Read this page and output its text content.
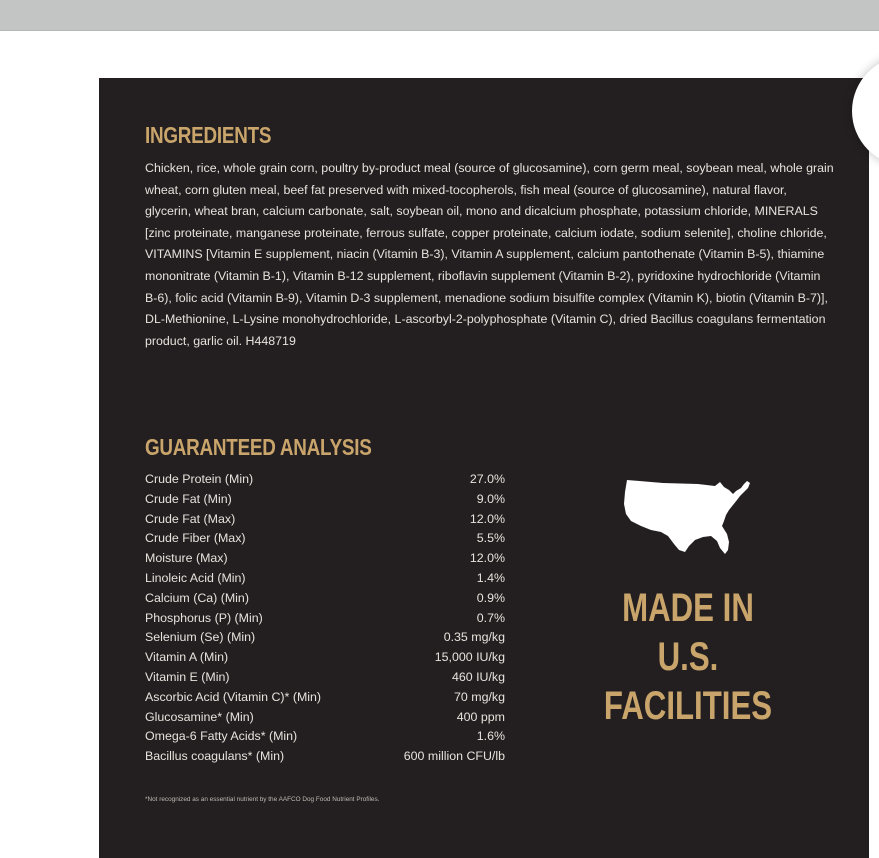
INGREDIENTS

Chicken, rice, whole grain corn, poultry by-product meal (source of glucosamine), corn germ meal, soybean meal, whole grain wheat, corn gluten meal, beef fat preserved with mixed-tocopherols, fish meal (source of glucosamine), natural flavor, glycerin, wheat bran, calcium carbonate, salt, soybean oil, mono and dicalcium phosphate, potassium chloride, MINERALS [zinc proteinate, manganese proteinate, ferrous sulfate, copper proteinate, calcium iodate, sodium selenite], choline chloride, VITAMINS [Vitamin E supplement, niacin (Vitamin B-3), Vitamin A supplement, calcium pantothenate (Vitamin B-5), thiamine mononitrate (Vitamin B-1), Vitamin B-12 supplement, riboflavin supplement (Vitamin B-2), pyridoxine hydrochloride (Vitamin B-6), folic acid (Vitamin B-9), Vitamin D-3 supplement, menadione sodium bisulfite complex (Vitamin K), biotin (Vitamin B-7)], DL-Methionine, L-Lysine monohydrochloride, L-ascorbyl-2-polyphosphate (Vitamin C), dried Bacillus coagulans fermentation product, garlic oil. H448719

GUARANTEED ANALYSIS
Crude Protein (Min)	27.0%
Crude Fat (Min)	9.0%
Crude Fat (Max)	12.0%
Crude Fiber (Max)	5.5%
Moisture (Max)	12.0%
Linoleic Acid (Min)	1.4%
Calcium (Ca) (Min)	0.9%
Phosphorus (P) (Min)	0.7%
Selenium (Se) (Min)	0.35 mg/kg
Vitamin A (Min)	15,000 IU/kg
Vitamin E (Min)	460 IU/kg
Ascorbic Acid (Vitamin C)* (Min)	70 mg/kg
Glucosamine* (Min)	400 ppm
Omega-6 Fatty Acids* (Min)	1.6%
Bacillus coagulans* (Min)	600 million CFU/lb
MADE IN
U.S.
FACILITIES

*Not recognized as an essential nutrient by the AAFCO Dog Food Nutrient Profiles.
